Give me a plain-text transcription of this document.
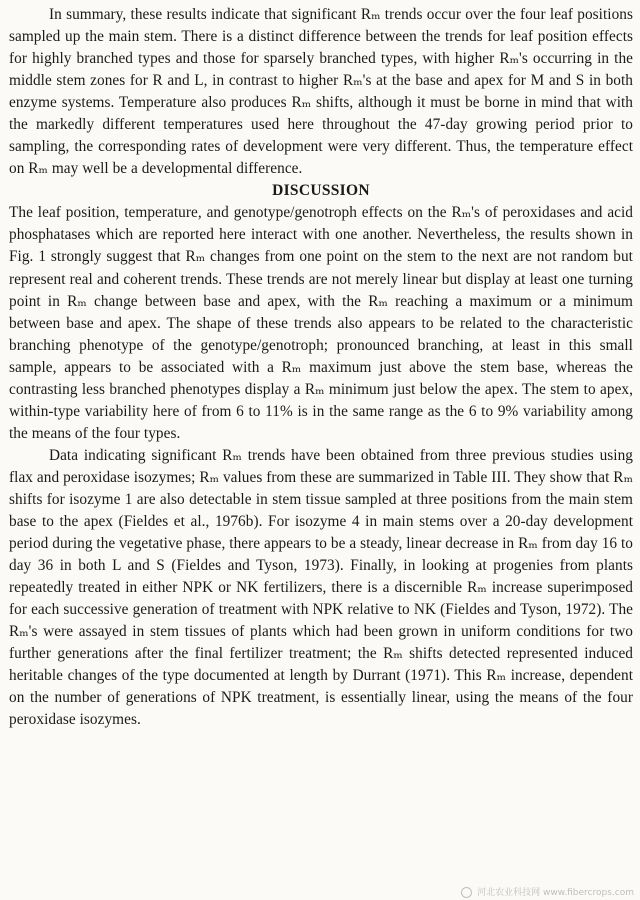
In summary, these results indicate that significant Rₘ trends occur over the four leaf positions sampled up the main stem. There is a distinct difference between the trends for leaf position effects for highly branched types and those for sparsely branched types, with higher Rₘ's occurring in the middle stem zones for R and L, in contrast to higher Rₘ's at the base and apex for M and S in both enzyme systems. Temperature also produces Rₘ shifts, although it must be borne in mind that with the markedly different temperatures used here throughout the 47-day growing period prior to sampling, the corresponding rates of development were very different. Thus, the temperature effect on Rₘ may well be a developmental difference.

DISCUSSION

The leaf position, temperature, and genotype/genotroph effects on the Rₘ's of peroxidases and acid phosphatases which are reported here interact with one another. Nevertheless, the results shown in Fig. 1 strongly suggest that Rₘ changes from one point on the stem to the next are not random but represent real and coherent trends. These trends are not merely linear but display at least one turning point in Rₘ change between base and apex, with the Rₘ reaching a maximum or a minimum between base and apex. The shape of these trends also appears to be related to the characteristic branching phenotype of the genotype/genotroph; pronounced branching, at least in this small sample, appears to be associated with a Rₘ maximum just above the stem base, whereas the contrasting less branched phenotypes display a Rₘ minimum just below the apex. The stem to apex, within-type variability here of from 6 to 11% is in the same range as the 6 to 9% variability among the means of the four types.

Data indicating significant Rₘ trends have been obtained from three previous studies using flax and peroxidase isozymes; Rₘ values from these are summarized in Table III. They show that Rₘ shifts for isozyme 1 are also detectable in stem tissue sampled at three positions from the main stem base to the apex (Fieldes et al., 1976b). For isozyme 4 in main stems over a 20-day development period during the vegetative phase, there appears to be a steady, linear decrease in Rₘ from day 16 to day 36 in both L and S (Fieldes and Tyson, 1973). Finally, in looking at progenies from plants repeatedly treated in either NPK or NK fertilizers, there is a discernible Rₘ increase superimposed for each successive generation of treatment with NPK relative to NK (Fieldes and Tyson, 1972). The Rₘ's were assayed in stem tissues of plants which had been grown in uniform conditions for two further generations after the final fertilizer treatment; the Rₘ shifts detected represented induced heritable changes of the type documented at length by Durrant (1971). This Rₘ increase, dependent on the number of generations of NPK treatment, is essentially linear, using the means of the four peroxidase isozymes.

河北农业科技网 www.fibercrops.com
